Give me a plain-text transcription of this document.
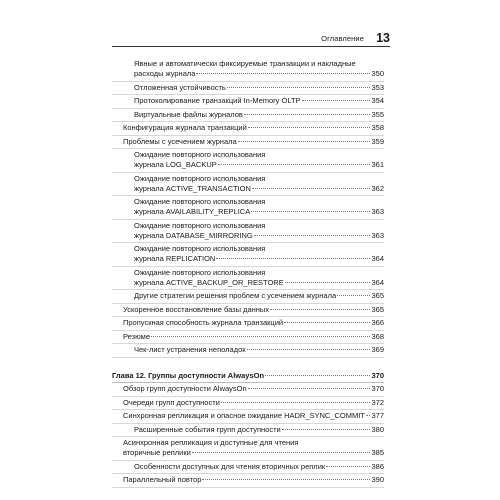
Оглавление 13
Явные и автоматически фиксируемые транзакции и накладные
расходы журнала	350
Отложенная устойчивость	353
Протоколирование транзакций In-Memory OLTP	354
Виртуальные файлы журналов	355
Конфигурация журнала транзакций	358
Проблемы с усечением журнала	359
Ожидание повторного использования
журнала LOG_BACKUP	361
Ожидание повторного использования
журнала ACTIVE_TRANSACTION	362
Ожидание повторного использования
журнала AVAILABILITY_REPLICA	363
Ожидание повторного использования
журнала DATABASE_MIRRORING	363
Ожидание повторного использования
журнала REPLICATION	364
Ожидание повторного использования
журнала ACTIVE_BACKUP_OR_RESTORE	364
Другие стратегии решения проблем с усечением журнала	365
Ускоренное восстановление базы данных	365
Пропускная способность журнала транзакций	366
Резюме	368
Чек-лист устранения неполадок	369
Глава 12. Группы доступности AlwaysOn	370
Обзор групп доступности AlwaysOn	370
Очереди групп доступности	372
Синхронная репликация и опасное ожидание HADR_SYNC_COMMIT 377
Расширенные события групп доступности	380
Асинхронная репликация и доступные для чтения
вторичные реплики	385
Особенности доступных для чтения вторичных реплик	386
Параллельный повтор	390
